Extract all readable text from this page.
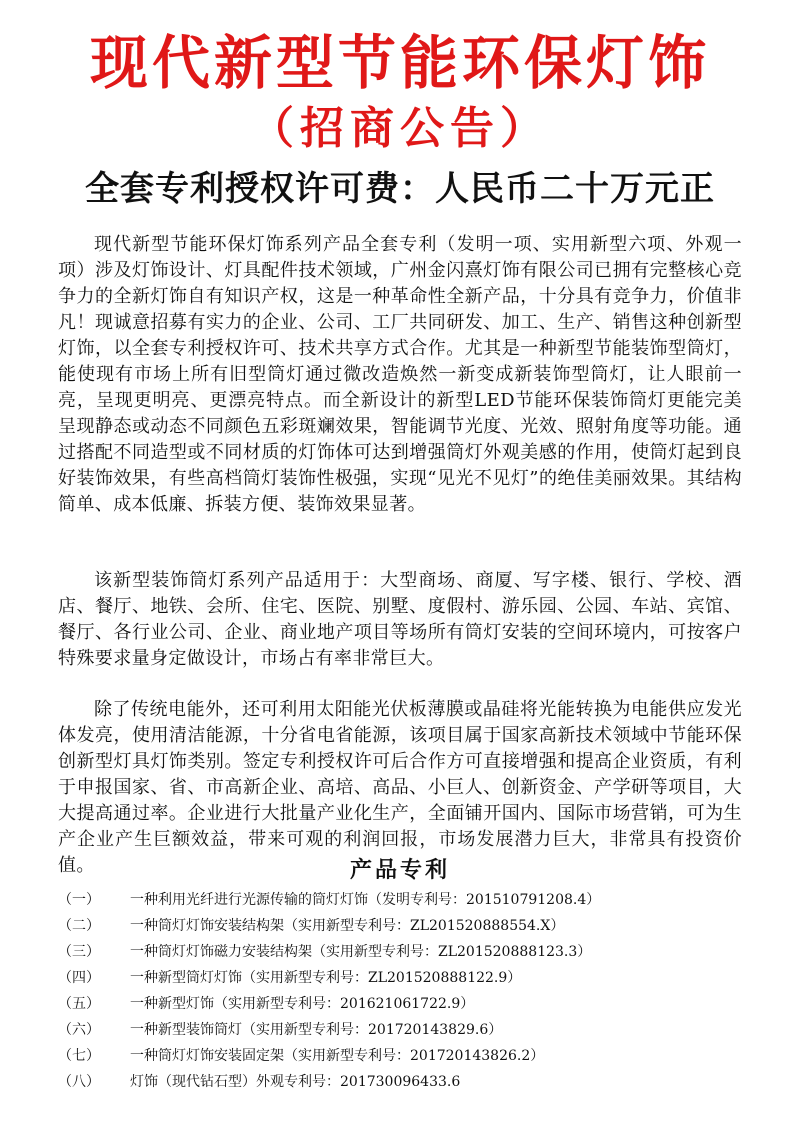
现代新型节能环保灯饰
（招商公告）
全套专利授权许可费：人民币二十万元正

现代新型节能环保灯饰系列产品全套专利（发明一项、实用新型六项、外观一项）涉及灯饰设计、灯具配件技术领域，广州金闪熹灯饰有限公司已拥有完整核心竞争力的全新灯饰自有知识产权，这是一种革命性全新产品，十分具有竞争力，价值非凡！现诚意招募有实力的企业、公司、工厂共同研发、加工、生产、销售这种创新型灯饰，以全套专利授权许可、技术共享方式合作。尤其是一种新型节能装饰型筒灯，能使现有市场上所有旧型筒灯通过微改造焕然一新变成新装饰型筒灯，让人眼前一亮，呈现更明亮、更漂亮特点。而全新设计的新型LED节能环保装饰筒灯更能完美呈现静态或动态不同颜色五彩斑斓效果，智能调节光度、光效、照射角度等功能。通过搭配不同造型或不同材质的灯饰体可达到增强筒灯外观美感的作用，使筒灯起到良好装饰效果，有些高档筒灯装饰性极强，实现“见光不见灯”的绝佳美丽效果。其结构简单、成本低廉、拆装方便、装饰效果显著。

该新型装饰筒灯系列产品适用于：大型商场、商厦、写字楼、银行、学校、酒店、餐厅、地铁、会所、住宅、医院、别墅、度假村、游乐园、公园、车站、宾馆、餐厅、各行业公司、企业、商业地产项目等场所有筒灯安装的空间环境内，可按客户特殊要求量身定做设计，市场占有率非常巨大。

除了传统电能外，还可利用太阳能光伏板薄膜或晶硅将光能转换为电能供应发光体发亮，使用清洁能源，十分省电省能源，该项目属于国家高新技术领域中节能环保创新型灯具灯饰类别。签定专利授权许可后合作方可直接增强和提高企业资质，有利于申报国家、省、市高新企业、高培、高品、小巨人、创新资金、产学研等项目，大大提高通过率。企业进行大批量产业化生产，全面铺开国内、国际市场营销，可为生产企业产生巨额效益，带来可观的利润回报，市场发展潜力巨大，非常具有投资价值。	产品专利
（一）	一种利用光纤进行光源传输的筒灯灯饰（发明专利号：201510791208.4）
（二）	一种筒灯灯饰安装结构架（实用新型专利号：ZL201520888554.X）
（三）	一种筒灯灯饰磁力安装结构架（实用新型专利号：ZL201520888123.3）
（四）	一种新型筒灯灯饰（实用新型专利号：ZL201520888122.9）
（五）	一种新型灯饰（实用新型专利号：201621061722.9）
（六）	一种新型装饰筒灯（实用新型专利号：201720143829.6）
（七）	一种筒灯灯饰安装固定架（实用新型专利号：201720143826.2）
（八）	灯饰（现代钻石型）外观专利号：201730096433.6
